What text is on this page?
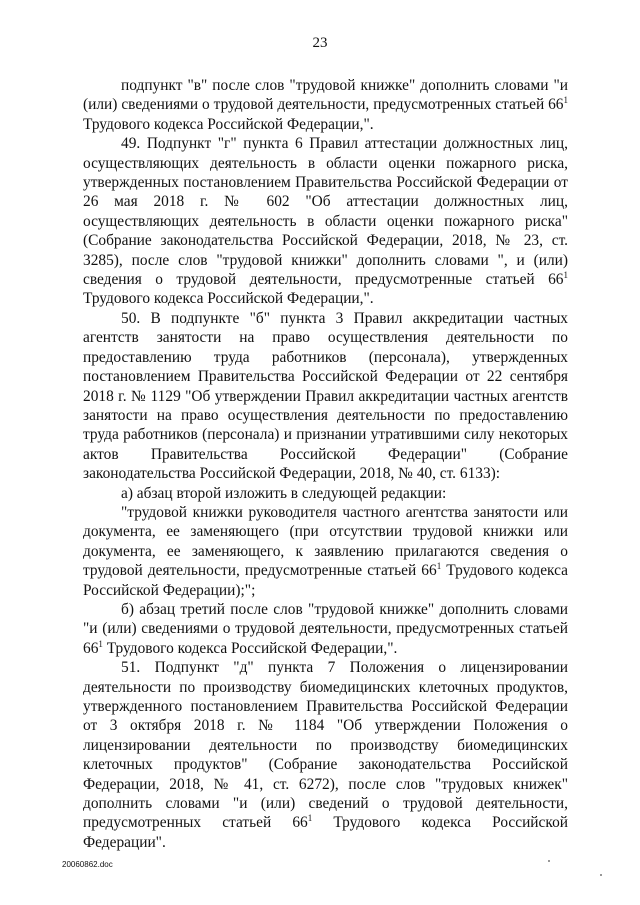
23

подпункт "в" после слов "трудовой книжке" дополнить словами "и (или) сведениями о трудовой деятельности, предусмотренных статьей $66^1$ Трудового кодекса Российской Федерации,".

49. Подпункт "г" пункта 6 Правил аттестации должностных лиц, осуществляющих деятельность в области оценки пожарного риска, утвержденных постановлением Правительства Российской Федерации от 26 мая 2018 г. № 602 "Об аттестации должностных лиц, осуществляющих деятельность в области оценки пожарного риска" (Собрание законодательства Российской Федерации, 2018, № 23, ст. 3285), после слов "трудовой книжки" дополнить словами ", и (или) сведения о трудовой деятельности, предусмотренные статьей $66^1$ Трудового кодекса Российской Федерации,".

50. В подпункте "б" пункта 3 Правил аккредитации частных агентств занятости на право осуществления деятельности по предоставлению труда работников (персонала), утвержденных постановлением Правительства Российской Федерации от 22 сентября 2018 г. № 1129 "Об утверждении Правил аккредитации частных агентств занятости на право осуществления деятельности по предоставлению труда работников (персонала) и признании утратившими силу некоторых актов Правительства Российской Федерации" (Собрание законодательства Российской Федерации, 2018, № 40, ст. 6133):

а) абзац второй изложить в следующей редакции:

"трудовой книжки руководителя частного агентства занятости или документа, ее заменяющего (при отсутствии трудовой книжки или документа, ее заменяющего, к заявлению прилагаются сведения о трудовой деятельности, предусмотренные статьей $66^1$ Трудового кодекса Российской Федерации);";

б) абзац третий после слов "трудовой книжке" дополнить словами "и (или) сведениями о трудовой деятельности, предусмотренных статьей $66^1$ Трудового кодекса Российской Федерации,".

51. Подпункт "д" пункта 7 Положения о лицензировании деятельности по производству биомедицинских клеточных продуктов, утвержденного постановлением Правительства Российской Федерации от 3 октября 2018 г. № 1184 "Об утверждении Положения о лицензировании деятельности по производству биомедицинских клеточных продуктов" (Собрание законодательства Российской Федерации, 2018, № 41, ст. 6272), после слов "трудовых книжек" дополнить словами "и (или) сведений о трудовой деятельности, предусмотренных статьей $66^1$ Трудового кодекса Российской Федерации".

20060862.doc
